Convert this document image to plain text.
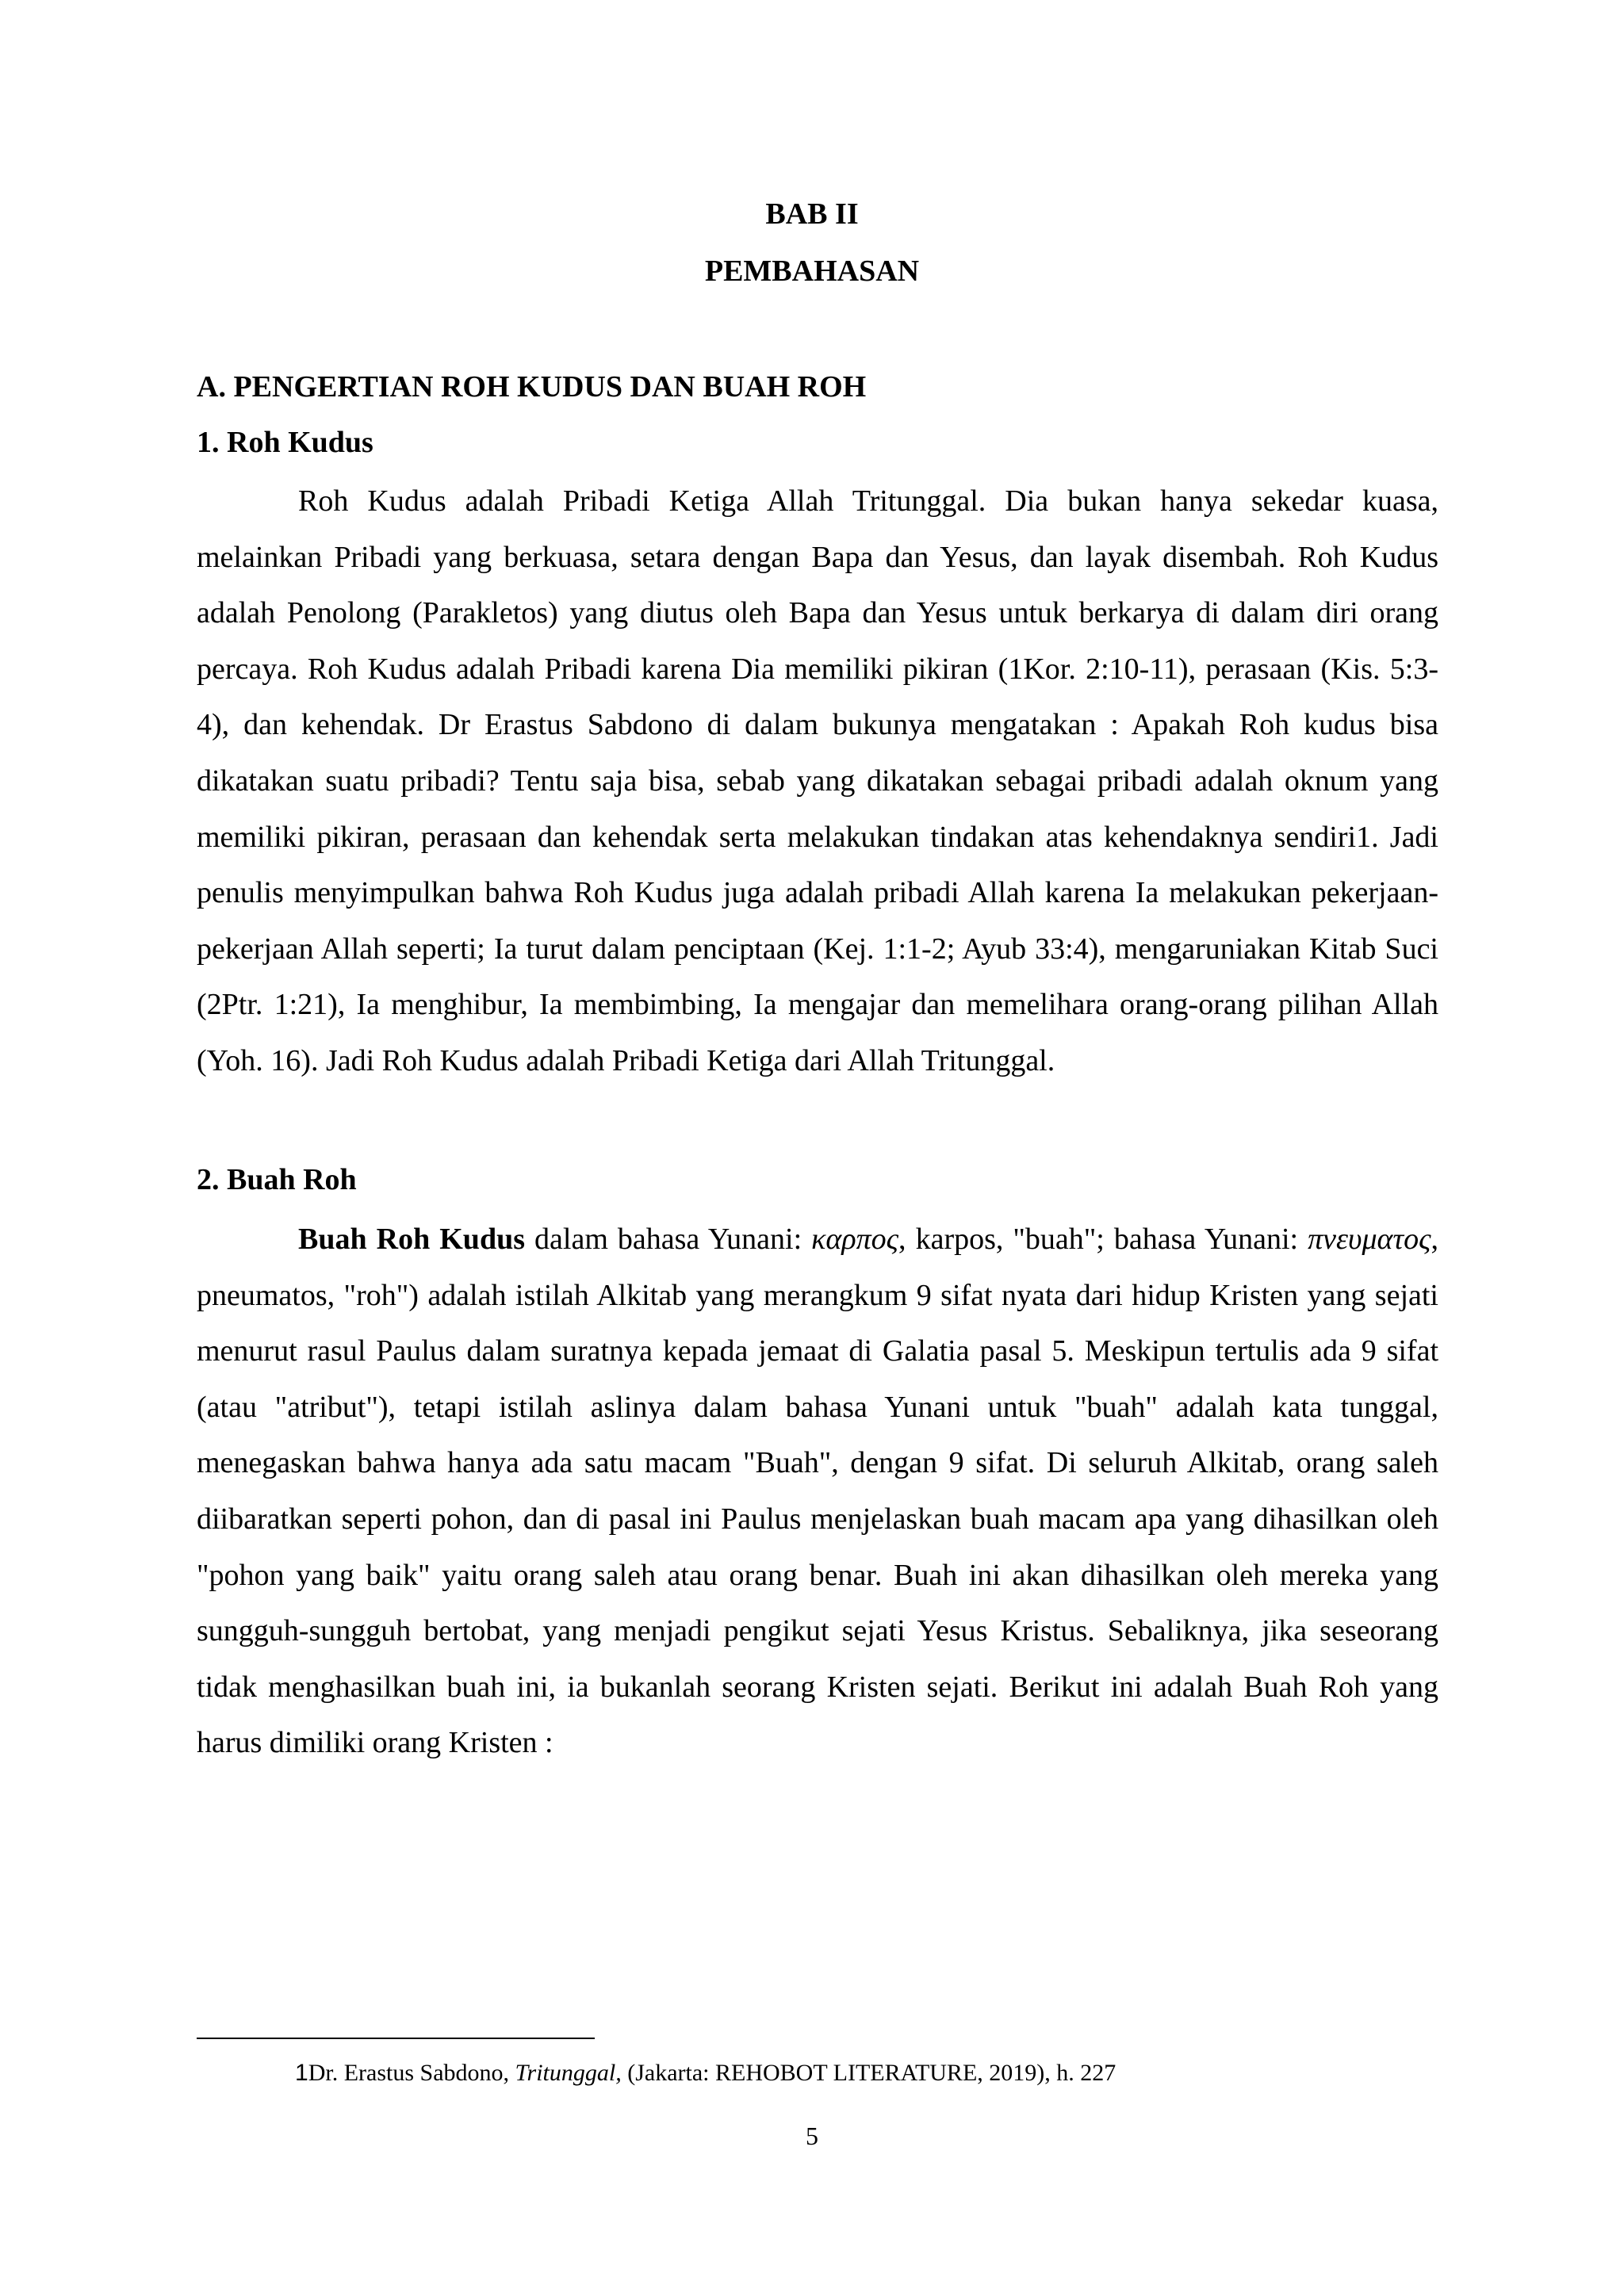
BAB II

PEMBAHASAN

A. PENGERTIAN ROH KUDUS DAN BUAH ROH

1. Roh Kudus

Roh Kudus adalah Pribadi Ketiga Allah Tritunggal. Dia bukan hanya sekedar kuasa, melainkan Pribadi yang berkuasa, setara dengan Bapa dan Yesus, dan layak disembah. Roh Kudus adalah Penolong (Parakletos) yang diutus oleh Bapa dan Yesus untuk berkarya di dalam diri orang percaya. Roh Kudus adalah Pribadi karena Dia memiliki pikiran (1Kor. 2:10-11), perasaan (Kis. 5:3-4), dan kehendak. Dr Erastus Sabdono di dalam bukunya mengatakan : Apakah Roh kudus bisa dikatakan suatu pribadi? Tentu saja bisa, sebab yang dikatakan sebagai pribadi adalah oknum yang memiliki pikiran, perasaan dan kehendak serta melakukan tindakan atas kehendaknya sendiri1. Jadi penulis menyimpulkan bahwa Roh Kudus juga adalah pribadi Allah karena Ia melakukan pekerjaan-pekerjaan Allah seperti; Ia turut dalam penciptaan (Kej. 1:1-2; Ayub 33:4), mengaruniakan Kitab Suci (2Ptr. 1:21), Ia menghibur, Ia membimbing, Ia mengajar dan memelihara orang-orang pilihan Allah (Yoh. 16). Jadi Roh Kudus adalah Pribadi Ketiga dari Allah Tritunggal.

2. Buah Roh

Buah Roh Kudus dalam bahasa Yunani: καρπος, karpos, "buah"; bahasa Yunani: πνευματος, pneumatos, "roh") adalah istilah Alkitab yang merangkum 9 sifat nyata dari hidup Kristen yang sejati menurut rasul Paulus dalam suratnya kepada jemaat di Galatia pasal 5. Meskipun tertulis ada 9 sifat (atau "atribut"), tetapi istilah aslinya dalam bahasa Yunani untuk "buah" adalah kata tunggal, menegaskan bahwa hanya ada satu macam "Buah", dengan 9 sifat. Di seluruh Alkitab, orang saleh diibaratkan seperti pohon, dan di pasal ini Paulus menjelaskan buah macam apa yang dihasilkan oleh "pohon yang baik" yaitu orang saleh atau orang benar. Buah ini akan dihasilkan oleh mereka yang sungguh-sungguh bertobat, yang menjadi pengikut sejati Yesus Kristus. Sebaliknya, jika seseorang tidak menghasilkan buah ini, ia bukanlah seorang Kristen sejati. Berikut ini adalah Buah Roh yang harus dimiliki orang Kristen :

1Dr. Erastus Sabdono, Tritunggal, (Jakarta: REHOBOT LITERATURE, 2019), h. 227

5
